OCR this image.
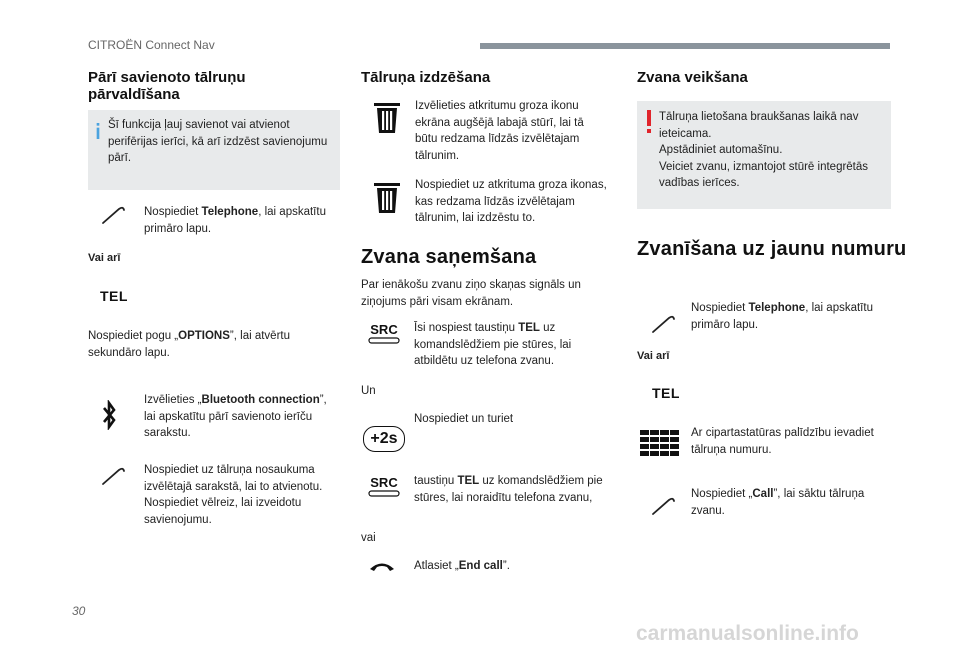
CITROËN Connect Nav
Pārī savienoto tālruņu pārvaldīšana
Šī funkcija ļauj savienot vai atvienot perifērijas ierīci, kā arī izdzēst savienojumu pārī.
Nospiediet Telephone, lai apskatītu primāro lapu.
Vai arī
TEL
Nospiediet pogu „OPTIONS”, lai atvērtu sekundāro lapu.
Izvēlieties „Bluetooth connection”, lai apskatītu pārī savienoto ierīču sarakstu.
Nospiediet uz tālruņa nosaukuma izvēlētajā sarakstā, lai to atvienotu. Nospiediet vēlreiz, lai izveidotu savienojumu.
Tālruņa izdzēšana
Izvēlieties atkritumu groza ikonu ekrāna augšējā labajā stūrī, lai tā būtu redzama līdzās izvēlētajam tālrunim.
Nospiediet uz atkrituma groza ikonas, kas redzama līdzās izvēlētajam tālrunim, lai izdzēstu to.
Zvana saņemšana
Par ienākošu zvanu ziņo skaņas signāls un ziņojums pāri visam ekrānam.
SRC	Īsi nospiest taustiņu TEL uz komandslēdžiem pie stūres, lai atbildētu uz telefona zvanu.
Un
Nospiediet un turiet
+2s
SRC	taustiņu TEL uz komandslēdžiem pie stūres, lai noraidītu telefona zvanu,
vai
Atlasiet „End call”.
Zvana veikšana
Tālruņa lietošana braukšanas laikā nav ieteicama.
Apstādiniet automašīnu.
Veiciet zvanu, izmantojot stūrē integrētās vadības ierīces.
Zvanīšana uz jaunu numuru
Nospiediet Telephone, lai apskatītu primāro lapu.
Vai arī
TEL
Ar cipartastatūras palīdzību ievadiet tālruņa numuru.
Nospiediet „Call”, lai sāktu tālruņa zvanu.
30
carmanualsonline.info
